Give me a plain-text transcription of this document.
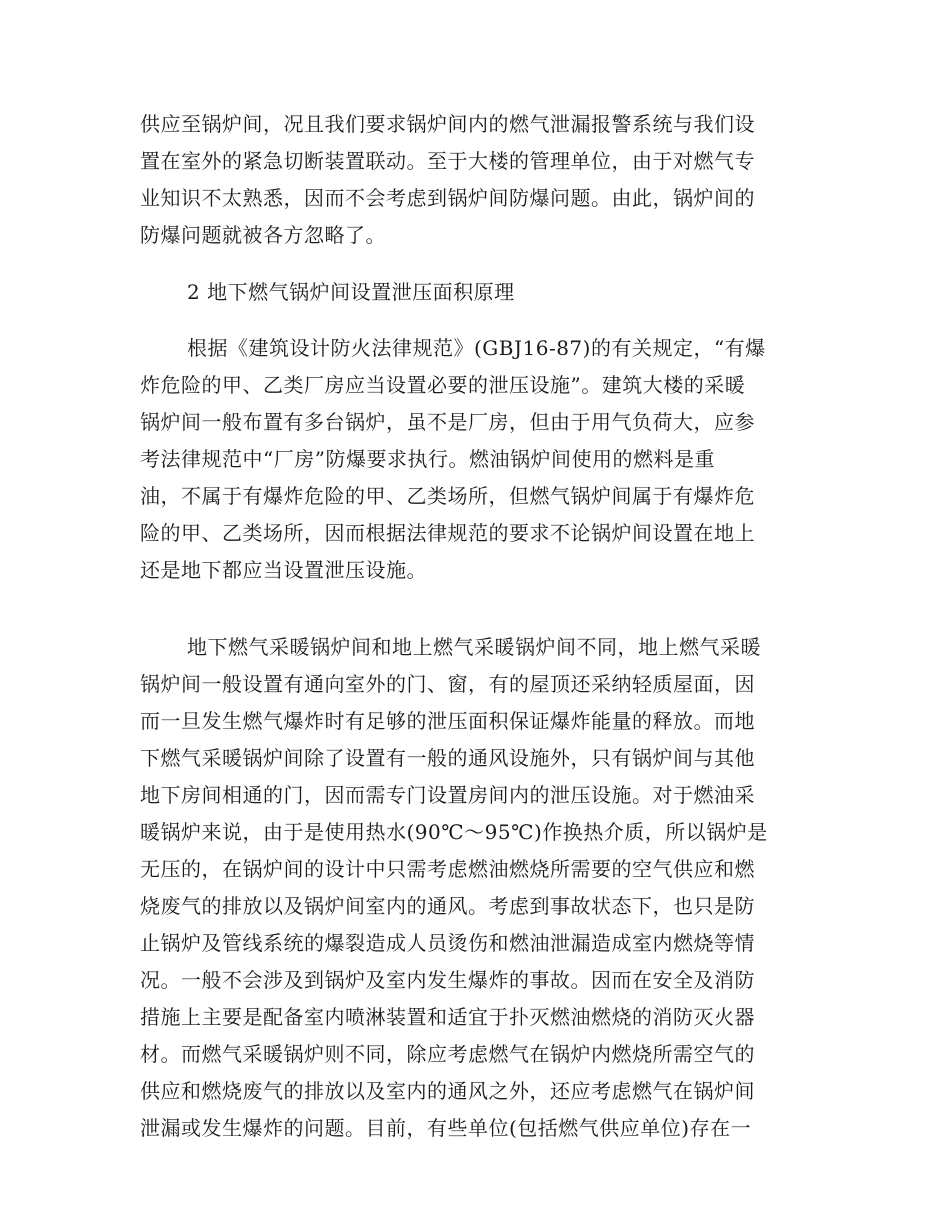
供应至锅炉间，况且我们要求锅炉间内的燃气泄漏报警系统与我们设
置在室外的紧急切断装置联动。至于大楼的管理单位，由于对燃气专
业知识不太熟悉，因而不会考虑到锅炉间防爆问题。由此，锅炉间的
防爆问题就被各方忽略了。
2 地下燃气锅炉间设置泄压面积原理
根据《建筑设计防火法律规范》(GBJ16-87)的有关规定，“有爆
炸危险的甲、乙类厂房应当设置必要的泄压设施”。建筑大楼的采暖
锅炉间一般布置有多台锅炉，虽不是厂房，但由于用气负荷大，应参
考法律规范中“厂房”防爆要求执行。燃油锅炉间使用的燃料是重
油，不属于有爆炸危险的甲、乙类场所，但燃气锅炉间属于有爆炸危
险的甲、乙类场所，因而根据法律规范的要求不论锅炉间设置在地上
还是地下都应当设置泄压设施。
地下燃气采暖锅炉间和地上燃气采暖锅炉间不同，地上燃气采暖
锅炉间一般设置有通向室外的门、窗，有的屋顶还采纳轻质屋面，因
而一旦发生燃气爆炸时有足够的泄压面积保证爆炸能量的释放。而地
下燃气采暖锅炉间除了设置有一般的通风设施外，只有锅炉间与其他
地下房间相通的门，因而需专门设置房间内的泄压设施。对于燃油采
暖锅炉来说，由于是使用热水(90℃～95℃)作换热介质，所以锅炉是
无压的，在锅炉间的设计中只需考虑燃油燃烧所需要的空气供应和燃
烧废气的排放以及锅炉间室内的通风。考虑到事故状态下，也只是防
止锅炉及管线系统的爆裂造成人员烫伤和燃油泄漏造成室内燃烧等情
况。一般不会涉及到锅炉及室内发生爆炸的事故。因而在安全及消防
措施上主要是配备室内喷淋装置和适宜于扑灭燃油燃烧的消防灭火器
材。而燃气采暖锅炉则不同，除应考虑燃气在锅炉内燃烧所需空气的
供应和燃烧废气的排放以及室内的通风之外，还应考虑燃气在锅炉间
泄漏或发生爆炸的问题。目前，有些单位(包括燃气供应单位)存在一
